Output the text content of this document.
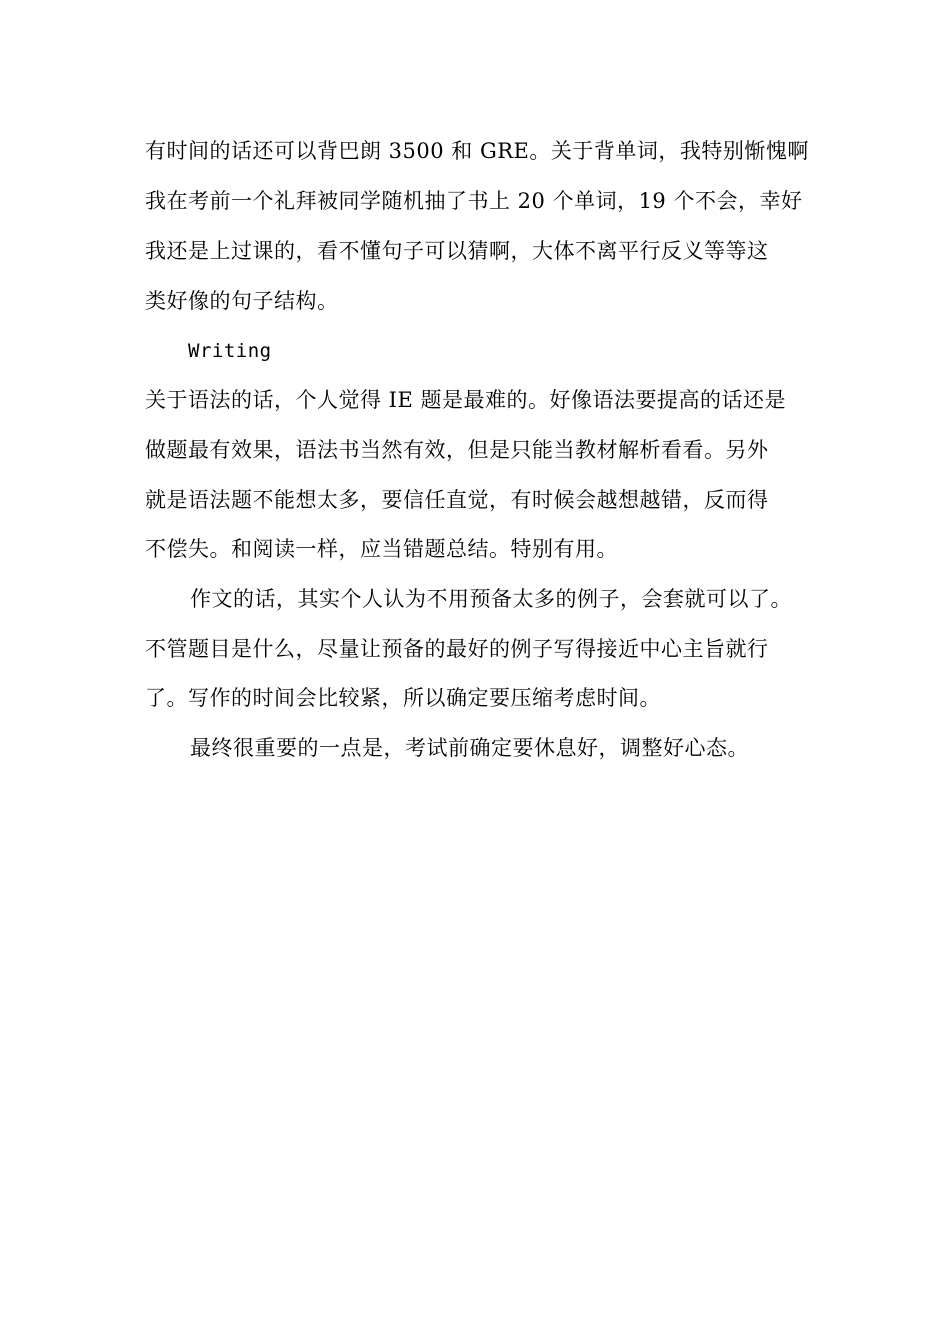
有时间的话还可以背巴朗 3500 和 GRE。关于背单词，我特别惭愧啊
我在考前一个礼拜被同学随机抽了书上 20 个单词，19 个不会，幸好
我还是上过课的，看不懂句子可以猜啊，大体不离平行反义等等这
类好像的句子结构。
Writing
关于语法的话，个人觉得 IE 题是最难的。好像语法要提高的话还是
做题最有效果，语法书当然有效，但是只能当教材解析看看。另外
就是语法题不能想太多，要信任直觉，有时候会越想越错，反而得
不偿失。和阅读一样，应当错题总结。特别有用。
作文的话，其实个人认为不用预备太多的例子，会套就可以了。
不管题目是什么，尽量让预备的最好的例子写得接近中心主旨就行
了。写作的时间会比较紧，所以确定要压缩考虑时间。
最终很重要的一点是，考试前确定要休息好，调整好心态。
